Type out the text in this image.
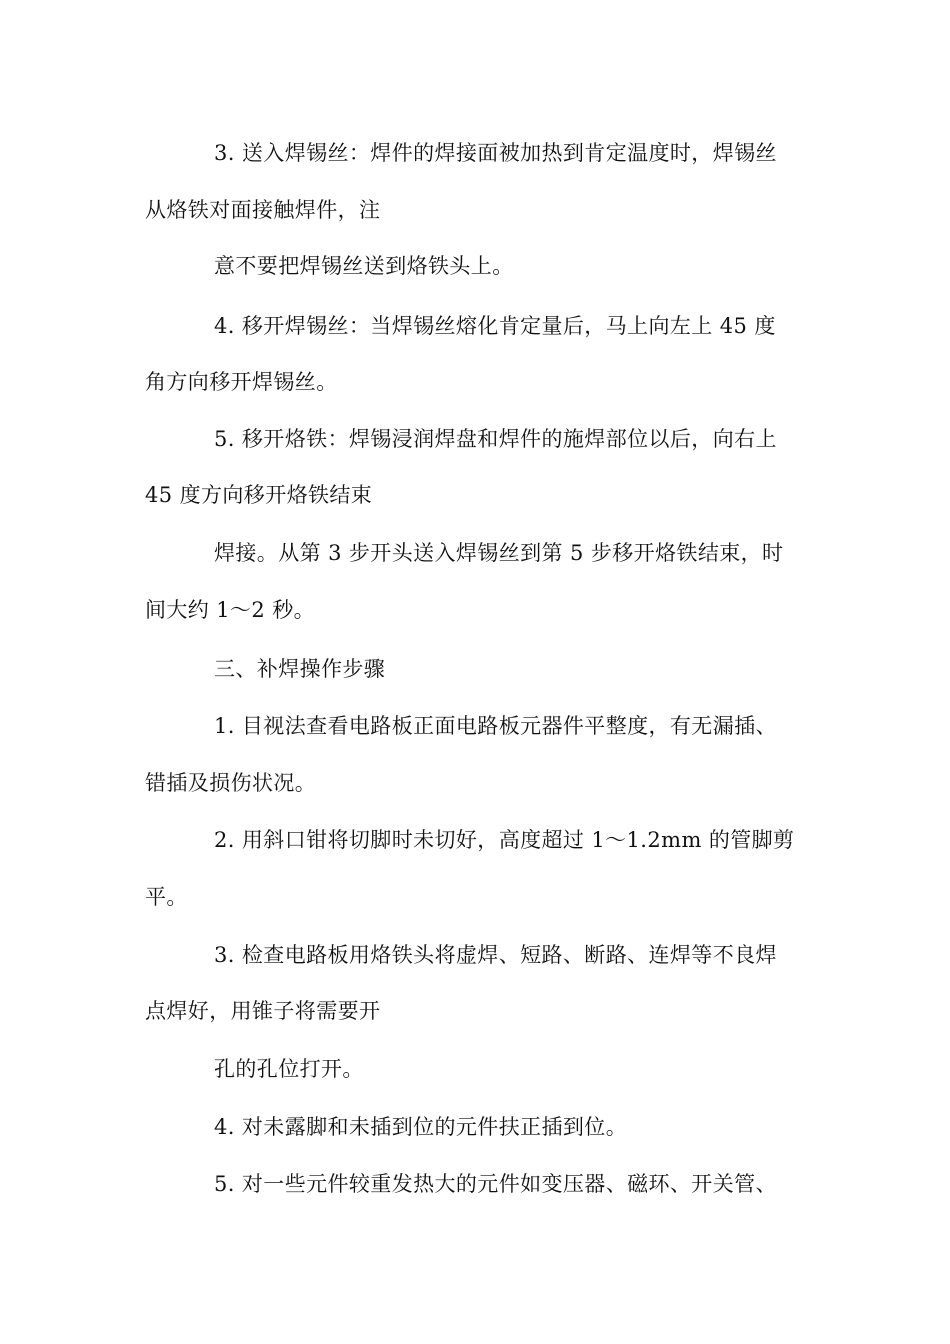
3. 送入焊锡丝：焊件的焊接面被加热到肯定温度时，焊锡丝

从烙铁对面接触焊件，注

意不要把焊锡丝送到烙铁头上。

4. 移开焊锡丝：当焊锡丝熔化肯定量后，马上向左上 45 度

角方向移开焊锡丝。

5. 移开烙铁：焊锡浸润焊盘和焊件的施焊部位以后，向右上

45 度方向移开烙铁结束

焊接。从第 3 步开头送入焊锡丝到第 5 步移开烙铁结束，时

间大约 1～2 秒。

三、补焊操作步骤

1. 目视法查看电路板正面电路板元器件平整度，有无漏插、

错插及损伤状况。

2. 用斜口钳将切脚时未切好，高度超过 1～1.2mm 的管脚剪

平。

3. 检查电路板用烙铁头将虚焊、短路、断路、连焊等不良焊

点焊好，用锥子将需要开

孔的孔位打开。

4. 对未露脚和未插到位的元件扶正插到位。

5. 对一些元件较重发热大的元件如变压器、磁环、开关管、
